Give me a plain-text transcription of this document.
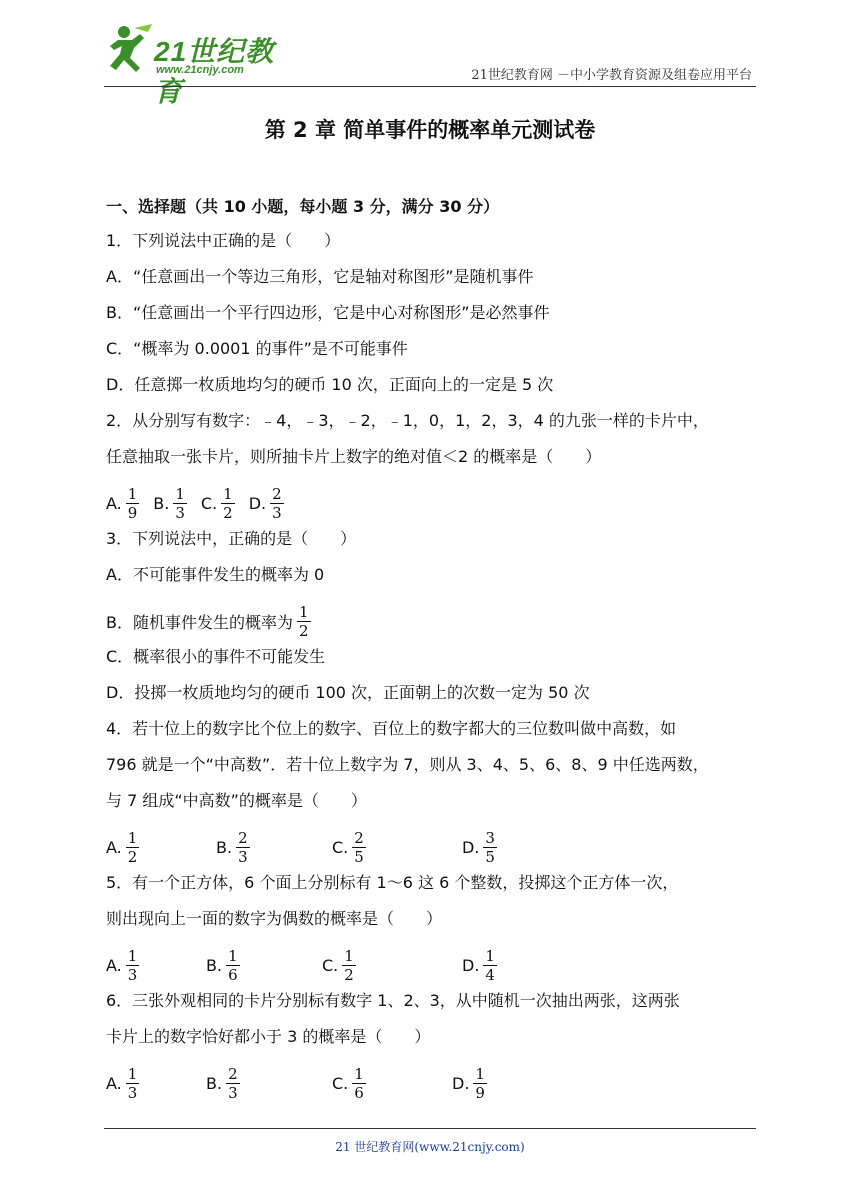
21世纪教育
www.21cnjy.com	21世纪教育网 －中小学教育资源及组卷应用平台
第 2 章 简单事件的概率单元测试卷
一、选择题（共 10 小题，每小题 3 分，满分 30 分）
1．下列说法中正确的是（　　）
A．“任意画出一个等边三角形，它是轴对称图形”是随机事件
B．“任意画出一个平行四边形，它是中心对称图形”是必然事件
C．“概率为 0.0001 的事件”是不可能事件
D．任意掷一枚质地均匀的硬币 10 次，正面向上的一定是 5 次
2．从分别写有数字：﹣4，﹣3，﹣2，﹣1，0，1，2，3，4 的九张一样的卡片中，
任意抽取一张卡片，则所抽卡片上数字的绝对值＜2 的概率是（　　）
A. $\frac{1}{9} B$. $\frac{1}{3} C$. $\frac{1}{2} D$. $\frac{2}{3}$
3．下列说法中，正确的是（　　）
A．不可能事件发生的概率为 0
B．随机事件发生的概率为 $\frac{1}{2}$
C．概率很小的事件不可能发生
D．投掷一枚质地均匀的硬币 100 次，正面朝上的次数一定为 50 次
4．若十位上的数字比个位上的数字、百位上的数字都大的三位数叫做中高数，如
796 就是一个“中高数”．若十位上数字为 7，则从 3、4、5、6、8、9 中任选两数，
与 7 组成“中高数”的概率是（　　）
A. $\frac{1}{2}$	B. $\frac{2}{3}$	C. $\frac{2}{5}$	D. $\frac{3}{5}$
5．有一个正方体，6 个面上分别标有 1～6 这 6 个整数，投掷这个正方体一次，
则出现向上一面的数字为偶数的概率是（　　）
A. $\frac{1}{3}$	B. $\frac{1}{6}$	C. $\frac{1}{2}$	D. $\frac{1}{4}$
6．三张外观相同的卡片分别标有数字 1、2、3，从中随机一次抽出两张，这两张
卡片上的数字恰好都小于 3 的概率是（　　）
A. $\frac{1}{3}$	B. $\frac{2}{3}$	C. $\frac{1}{6}$	D. $\frac{1}{9}$
21 世纪教育网(www.21cnjy.com)
